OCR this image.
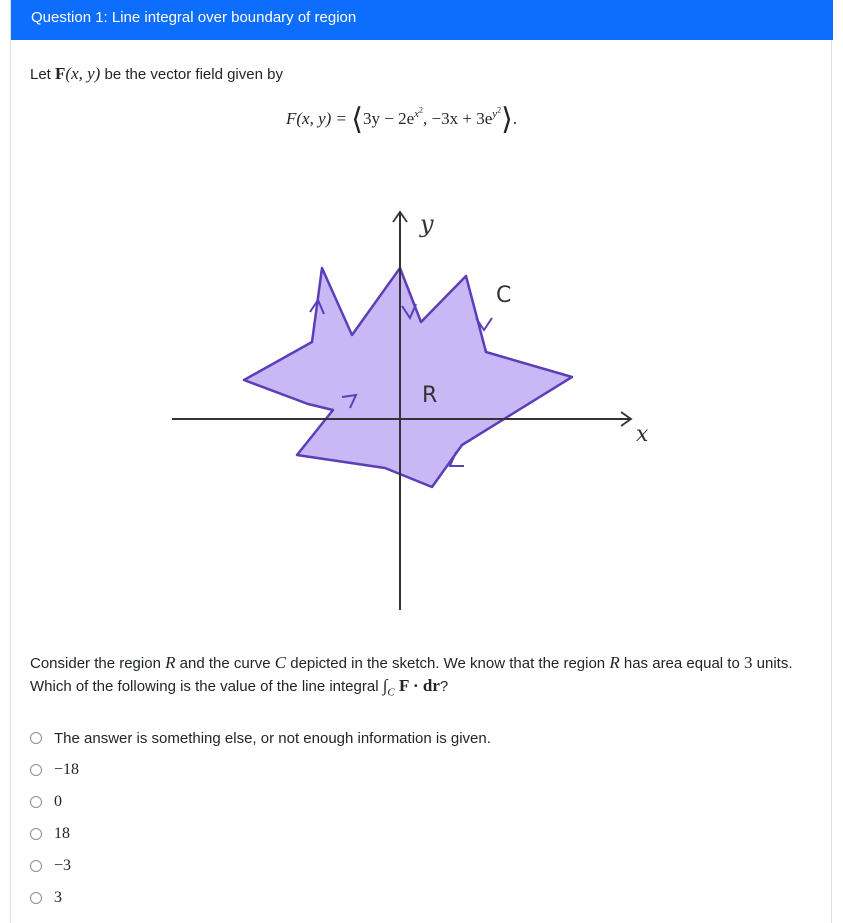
Question 1: Line integral over boundary of region
Let F(x, y) be the vector field given by
F(x, y) = ⟨3y − $2e^{x^2}$, $-3x + 3e^{y^2}⟩$.
y
x
R
C
Consider the region R and the curve C depicted in the sketch. We know that the region R has area equal to 3 units. Which of the following is the value of the line integral $\int_C$ F · dr?
The answer is something else, or not enough information is given.
−18
0
18
−3
3
